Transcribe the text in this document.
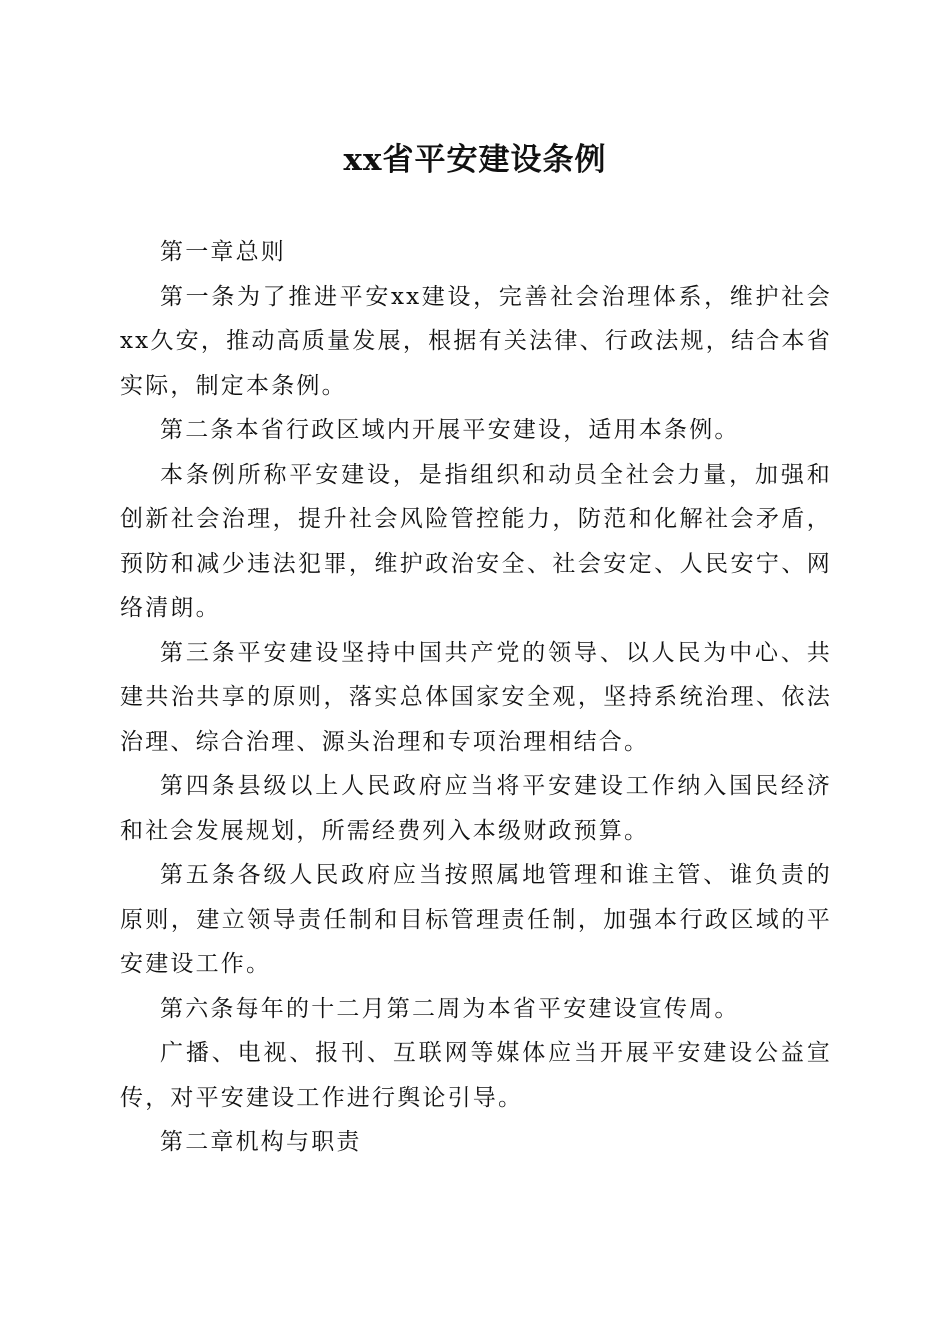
xx省平安建设条例

第一章总则

第一条为了推进平安xx建设，完善社会治理体系，维护社会xx久安，推动高质量发展，根据有关法律、行政法规，结合本省实际，制定本条例。

第二条本省行政区域内开展平安建设，适用本条例。

本条例所称平安建设，是指组织和动员全社会力量，加强和创新社会治理，提升社会风险管控能力，防范和化解社会矛盾，预防和减少违法犯罪，维护政治安全、社会安定、人民安宁、网络清朗。

第三条平安建设坚持中国共产党的领导、以人民为中心、共建共治共享的原则，落实总体国家安全观，坚持系统治理、依法治理、综合治理、源头治理和专项治理相结合。

第四条县级以上人民政府应当将平安建设工作纳入国民经济和社会发展规划，所需经费列入本级财政预算。

第五条各级人民政府应当按照属地管理和谁主管、谁负责的原则，建立领导责任制和目标管理责任制，加强本行政区域的平安建设工作。

第六条每年的十二月第二周为本省平安建设宣传周。

广播、电视、报刊、互联网等媒体应当开展平安建设公益宣传，对平安建设工作进行舆论引导。

第二章机构与职责
